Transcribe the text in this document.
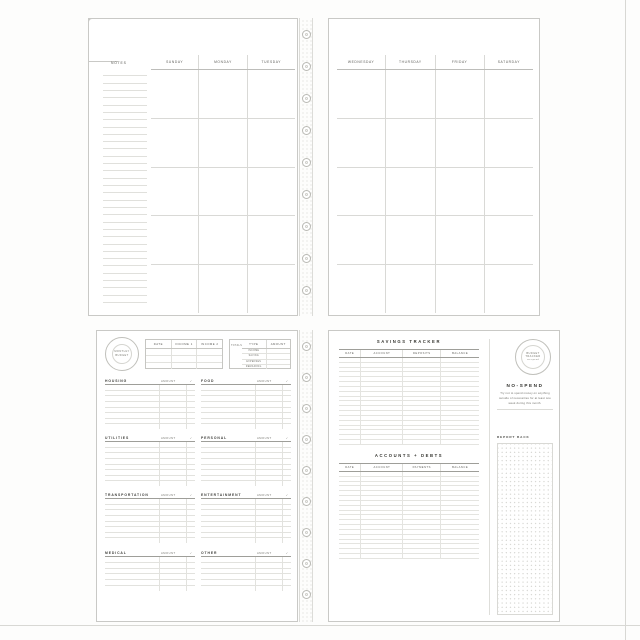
NOTES	SUNDAY	MONDAY	TUESDAY	WEDNESDAY	THURSDAY	FRIDAY	SATURDAY
MONTHLY
BUDGET
DATE	INCOME 1	INCOME 2	TYPE	AMOUNT
INCOME
SAVING
EXPENSES
REMAINING
TOTALS
HOUSING	AMOUNT	✓	FOOD	AMOUNT	✓
UTILITIES	AMOUNT	✓	PERSONAL	AMOUNT	✓
TRANSPORTATION	AMOUNT	✓	ENTERTAINMENT	AMOUNT	✓
MEDICAL	AMOUNT	✓	OTHER	AMOUNT	✓
SAVINGS TRACKER
DATE	ACCOUNT	DEPOSITS	BALANCE
ACCOUNTS + DEBTS
DATE	ACCOUNT	PAYMENTS	BALANCE
BUDGET
TRACKER
no-spend
NO-SPEND
Try not to spend money on anything outside of necessities for at least one week during this month.
REPORT BACK
